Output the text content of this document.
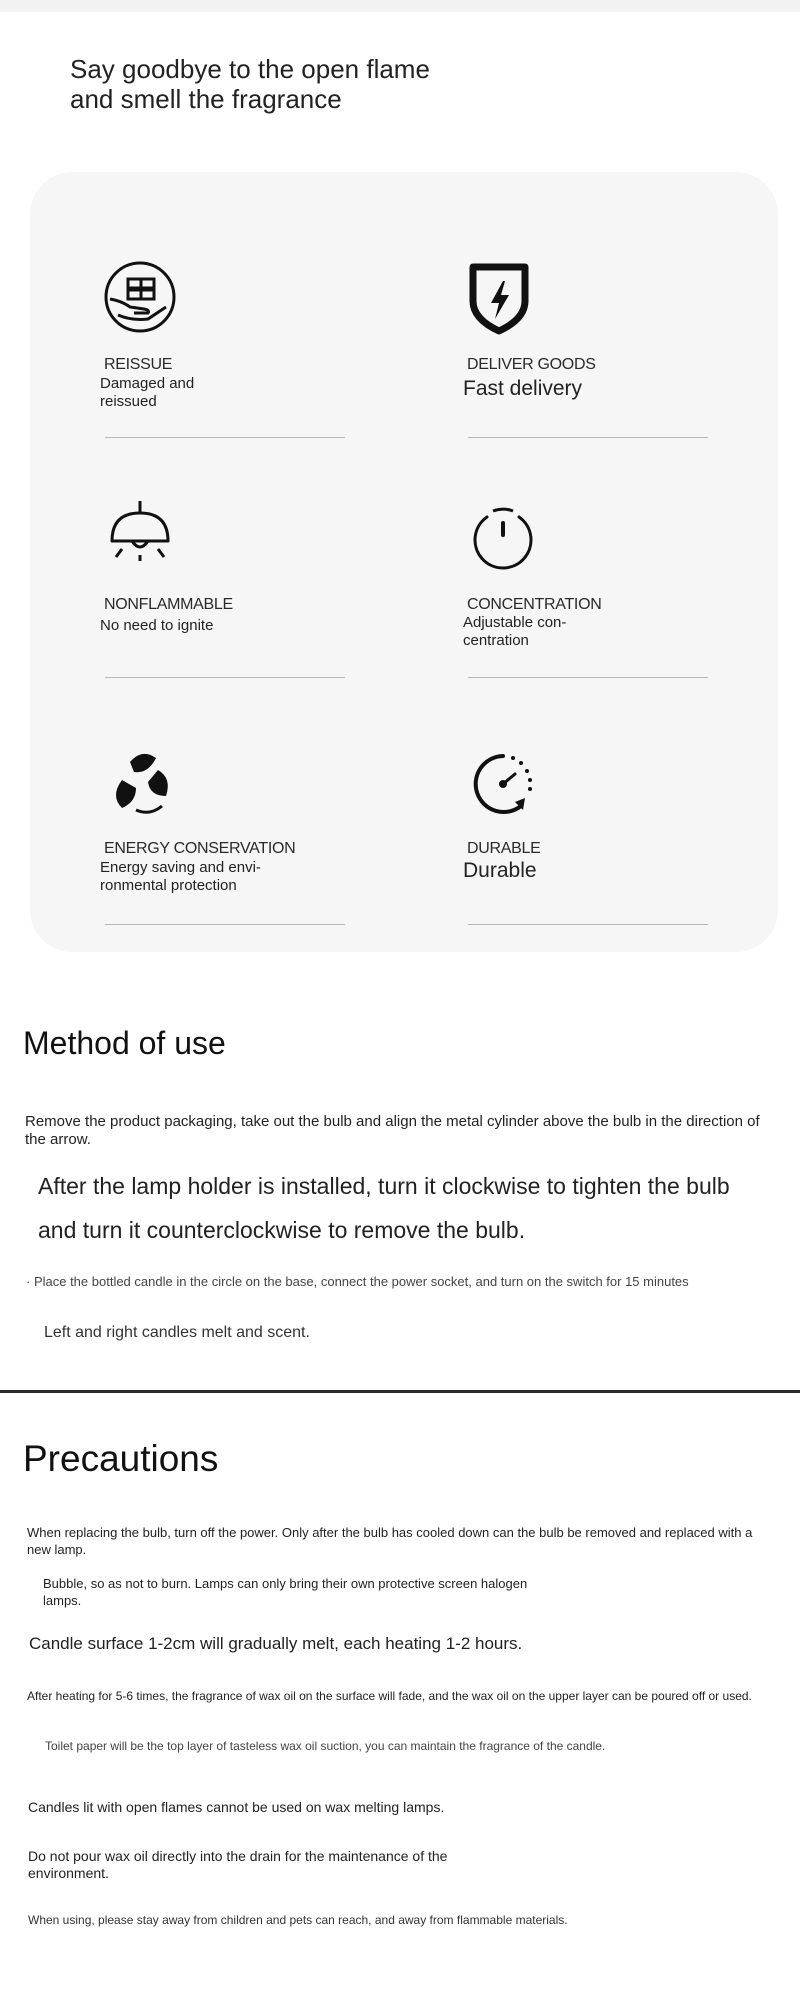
Say goodbye to the open flame
and smell the fragrance
REISSUE
Damaged and
reissued
DELIVER GOODS
Fast delivery
NONFLAMMABLE
No need to ignite
CONCENTRATION
Adjustable con-
centration
ENERGY CONSERVATION
Energy saving and envi-
ronmental protection
DURABLE
Durable
Method of use

Remove the product packaging, take out the bulb and align the metal cylinder above the bulb in the direction of the arrow.

After the lamp holder is installed, turn it clockwise to tighten the bulb and turn it counterclockwise to remove the bulb.

· Place the bottled candle in the circle on the base, connect the power socket, and turn on the switch for 15 minutes

Left and right candles melt and scent.

Precautions

When replacing the bulb, turn off the power. Only after the bulb has cooled down can the bulb be removed and replaced with a new lamp.

Bubble, so as not to burn. Lamps can only bring their own protective screen halogen lamps.

Candle surface 1-2cm will gradually melt, each heating 1-2 hours.

After heating for 5-6 times, the fragrance of wax oil on the surface will fade, and the wax oil on the upper layer can be poured off or used.

Toilet paper will be the top layer of tasteless wax oil suction, you can maintain the fragrance of the candle.

Candles lit with open flames cannot be used on wax melting lamps.

Do not pour wax oil directly into the drain for the maintenance of the environment.

When using, please stay away from children and pets can reach, and away from flammable materials.
